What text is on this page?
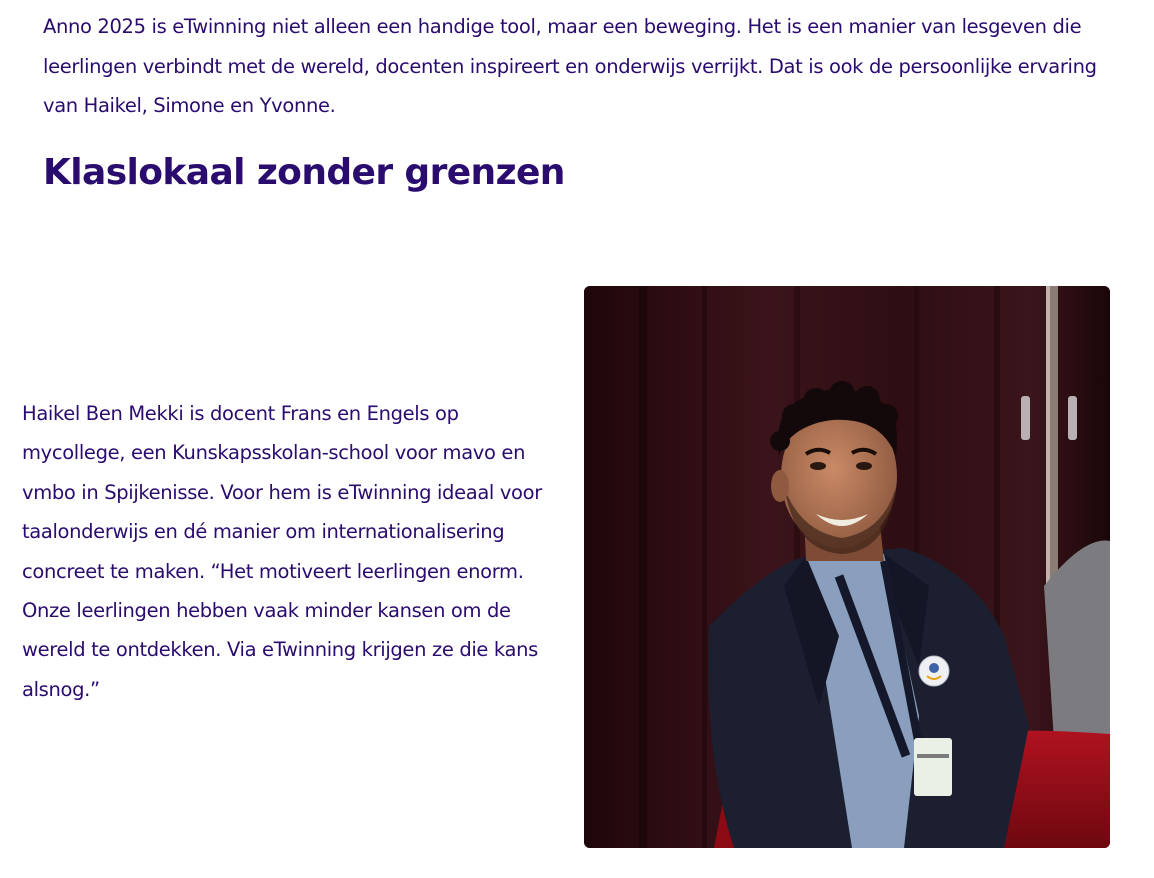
Anno 2025 is eTwinning niet alleen een handige tool, maar een beweging. Het is een manier van lesgeven die leerlingen verbindt met de wereld, docenten inspireert en onderwijs verrijkt. Dat is ook de persoonlijke ervaring van Haikel, Simone en Yvonne.

Klaslokaal zonder grenzen

Haikel Ben Mekki is docent Frans en Engels op mycollege, een Kunskapsskolan-school voor mavo en vmbo in Spijkenisse. Voor hem is eTwinning ideaal voor taalonderwijs en dé manier om internationalisering concreet te maken. “Het motiveert leerlingen enorm. Onze leerlingen hebben vaak minder kansen om de wereld te ontdekken. Via eTwinning krijgen ze die kans alsnog.”
